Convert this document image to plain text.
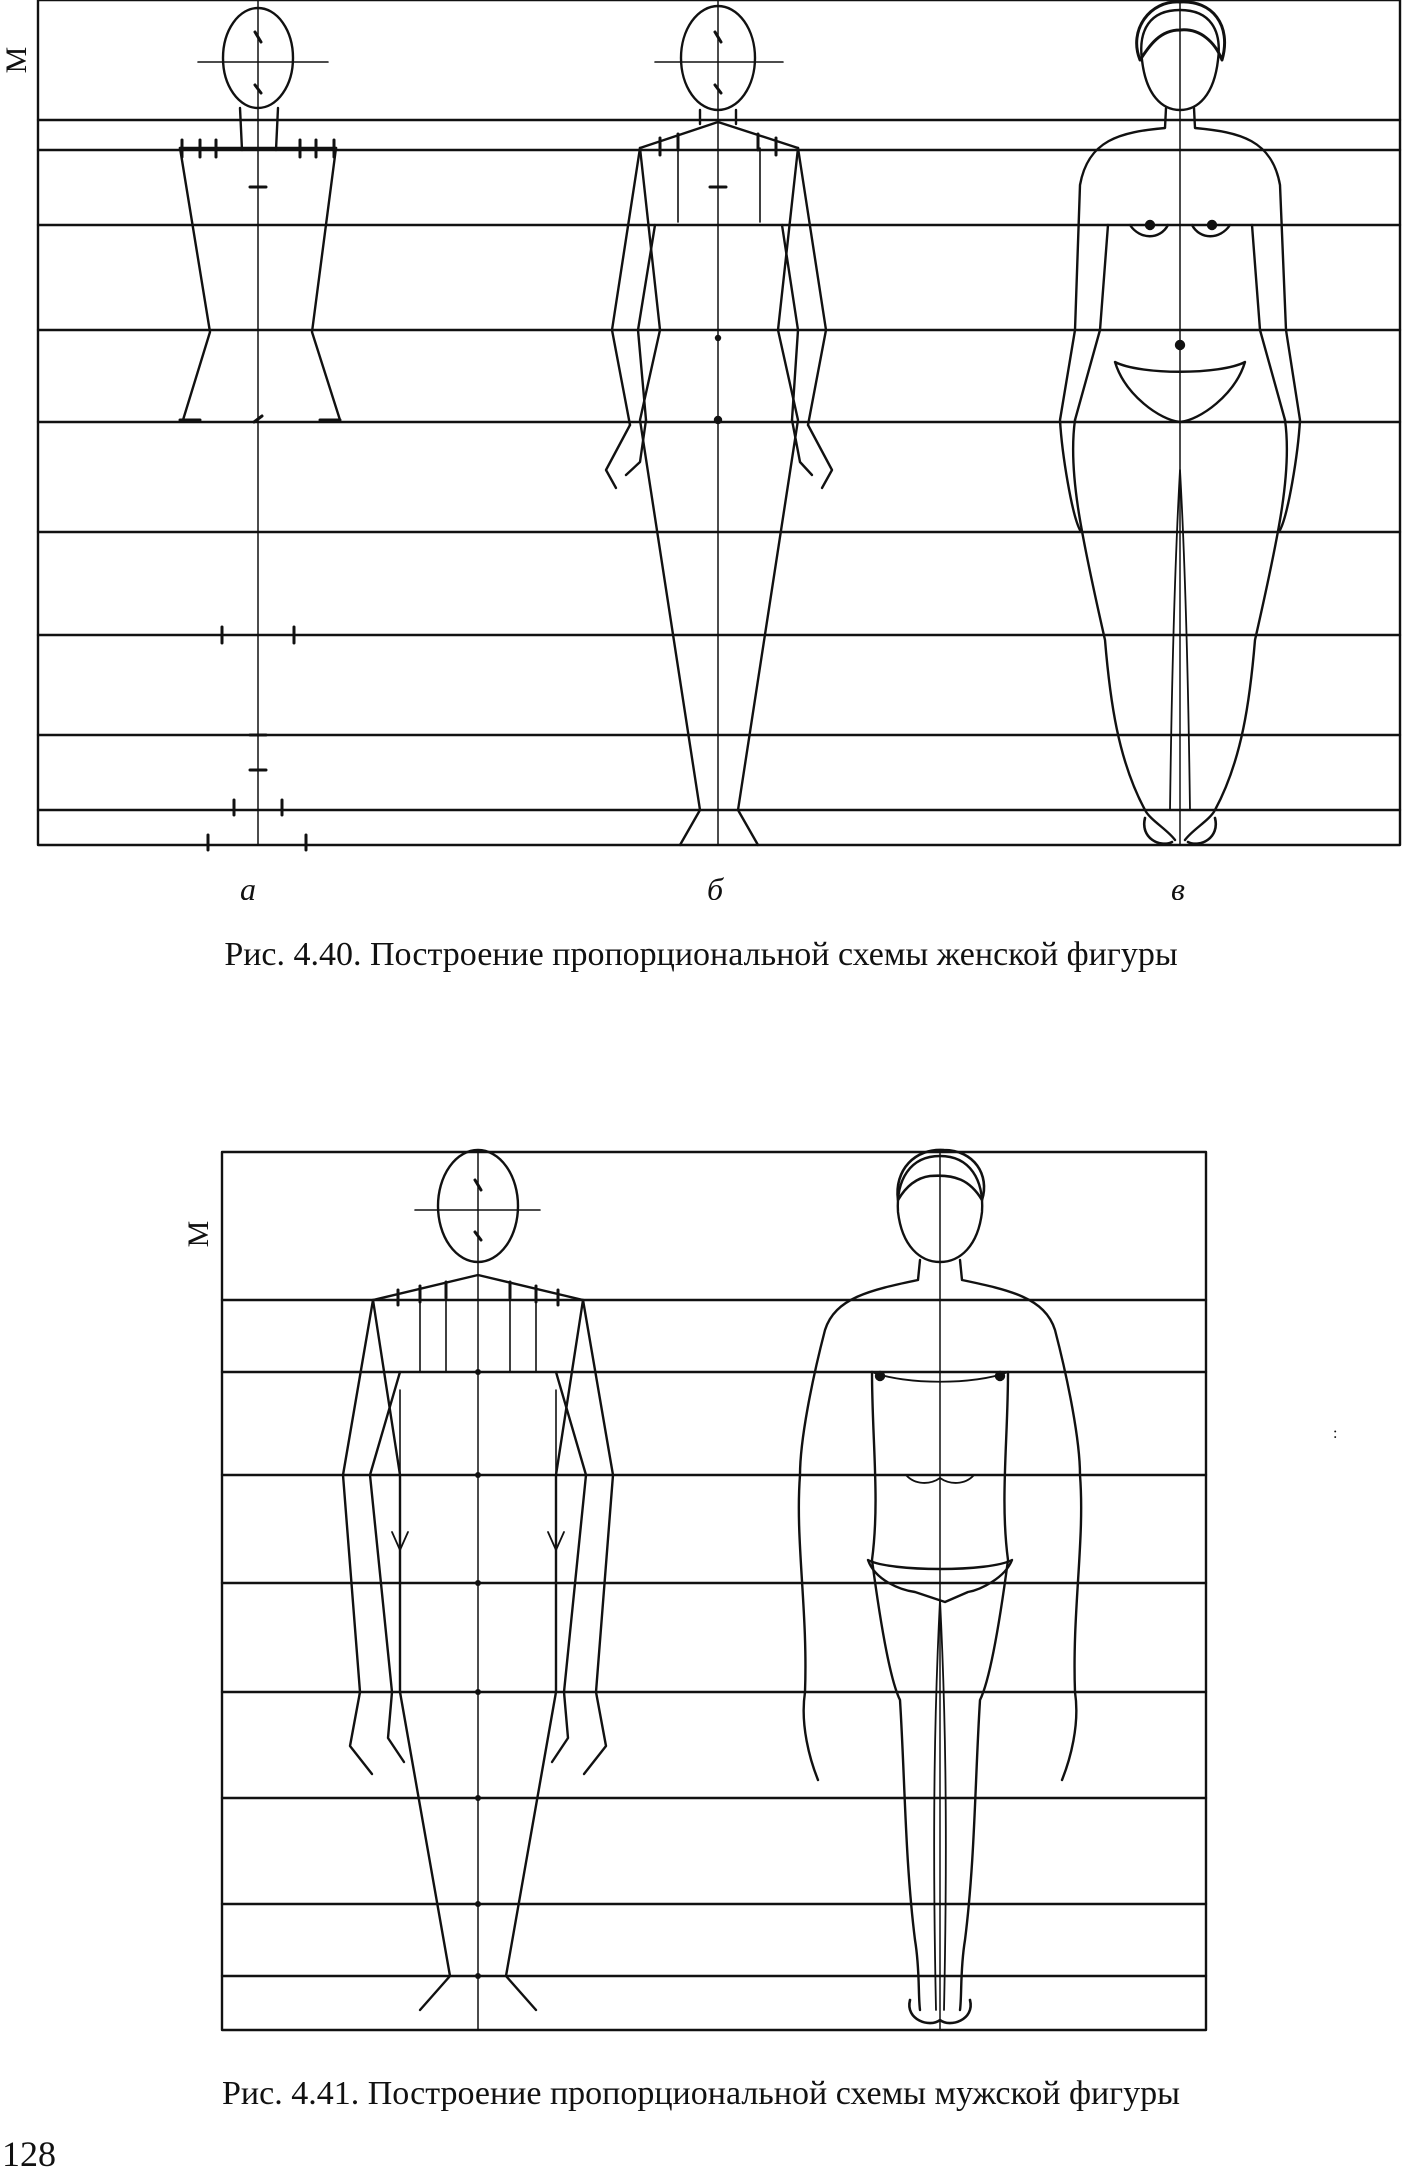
М
а	б	в
Рис. 4.40. Построение пропорциональной схемы женской фигуры
М
Рис. 4.41. Построение пропорциональной схемы мужской фигуры
:
128
